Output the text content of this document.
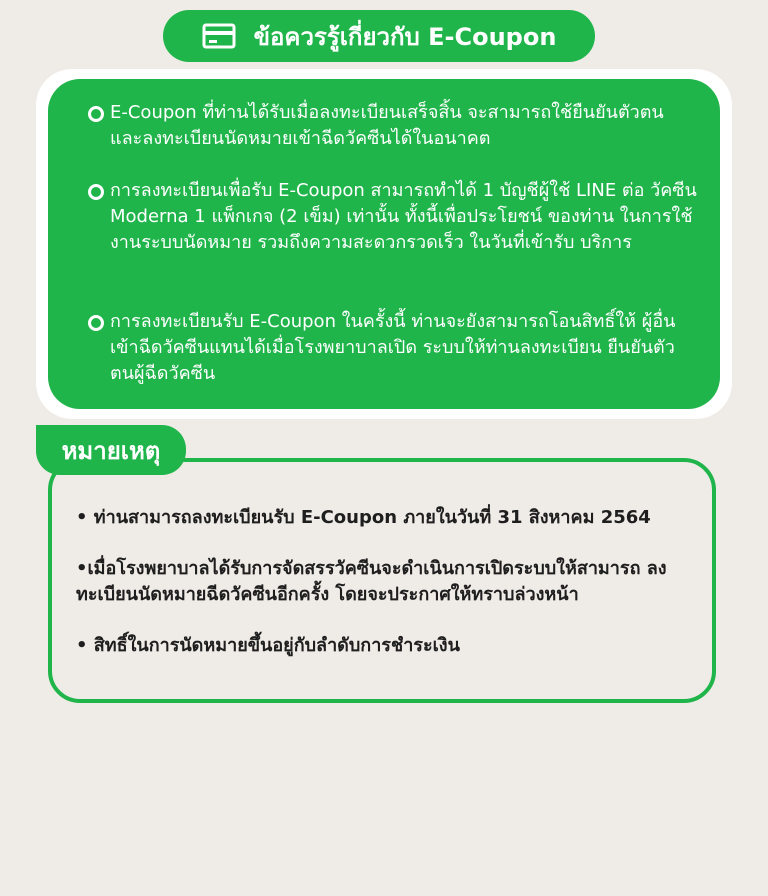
ข้อควรรู้เกี่ยวกับ E-Coupon
E-Coupon ที่ท่านได้รับเมื่อลงทะเบียนเสร็จสิ้น จะสามารถใช้ยืนยันตัวตน และลงทะเบียนนัดหมายเข้าฉีดวัคซีนได้ในอนาคต
การลงทะเบียนเพื่อรับ E-Coupon สามารถทำได้ 1 บัญชีผู้ใช้ LINE ต่อ วัคซีน Moderna 1 แพ็กเกจ (2 เข็ม) เท่านั้น ทั้งนี้เพื่อประโยชน์ ของท่าน ในการใช้งานระบบนัดหมาย รวมถึงความสะดวกรวดเร็ว ในวันที่เข้ารับ บริการ
การลงทะเบียนรับ E-Coupon ในครั้งนี้ ท่านจะยังสามารถโอนสิทธิ์ให้ ผู้อื่นเข้าฉีดวัคซีนแทนได้เมื่อโรงพยาบาลเปิด ระบบให้ท่านลงทะเบียน ยืนยันตัวตนผู้ฉีดวัคซีน
หมายเหตุ
• ท่านสามารถลงทะเบียนรับ E-Coupon ภายในวันที่ 31 สิงหาคม 2564
•เมื่อโรงพยาบาลได้รับการจัดสรรวัคซีนจะดำเนินการเปิดระบบให้สามารถ ลงทะเบียนนัดหมายฉีดวัคซีนอีกครั้ง โดยจะประกาศให้ทราบล่วงหน้า
• สิทธิ์ในการนัดหมายขึ้นอยู่กับลำดับการชำระเงิน
